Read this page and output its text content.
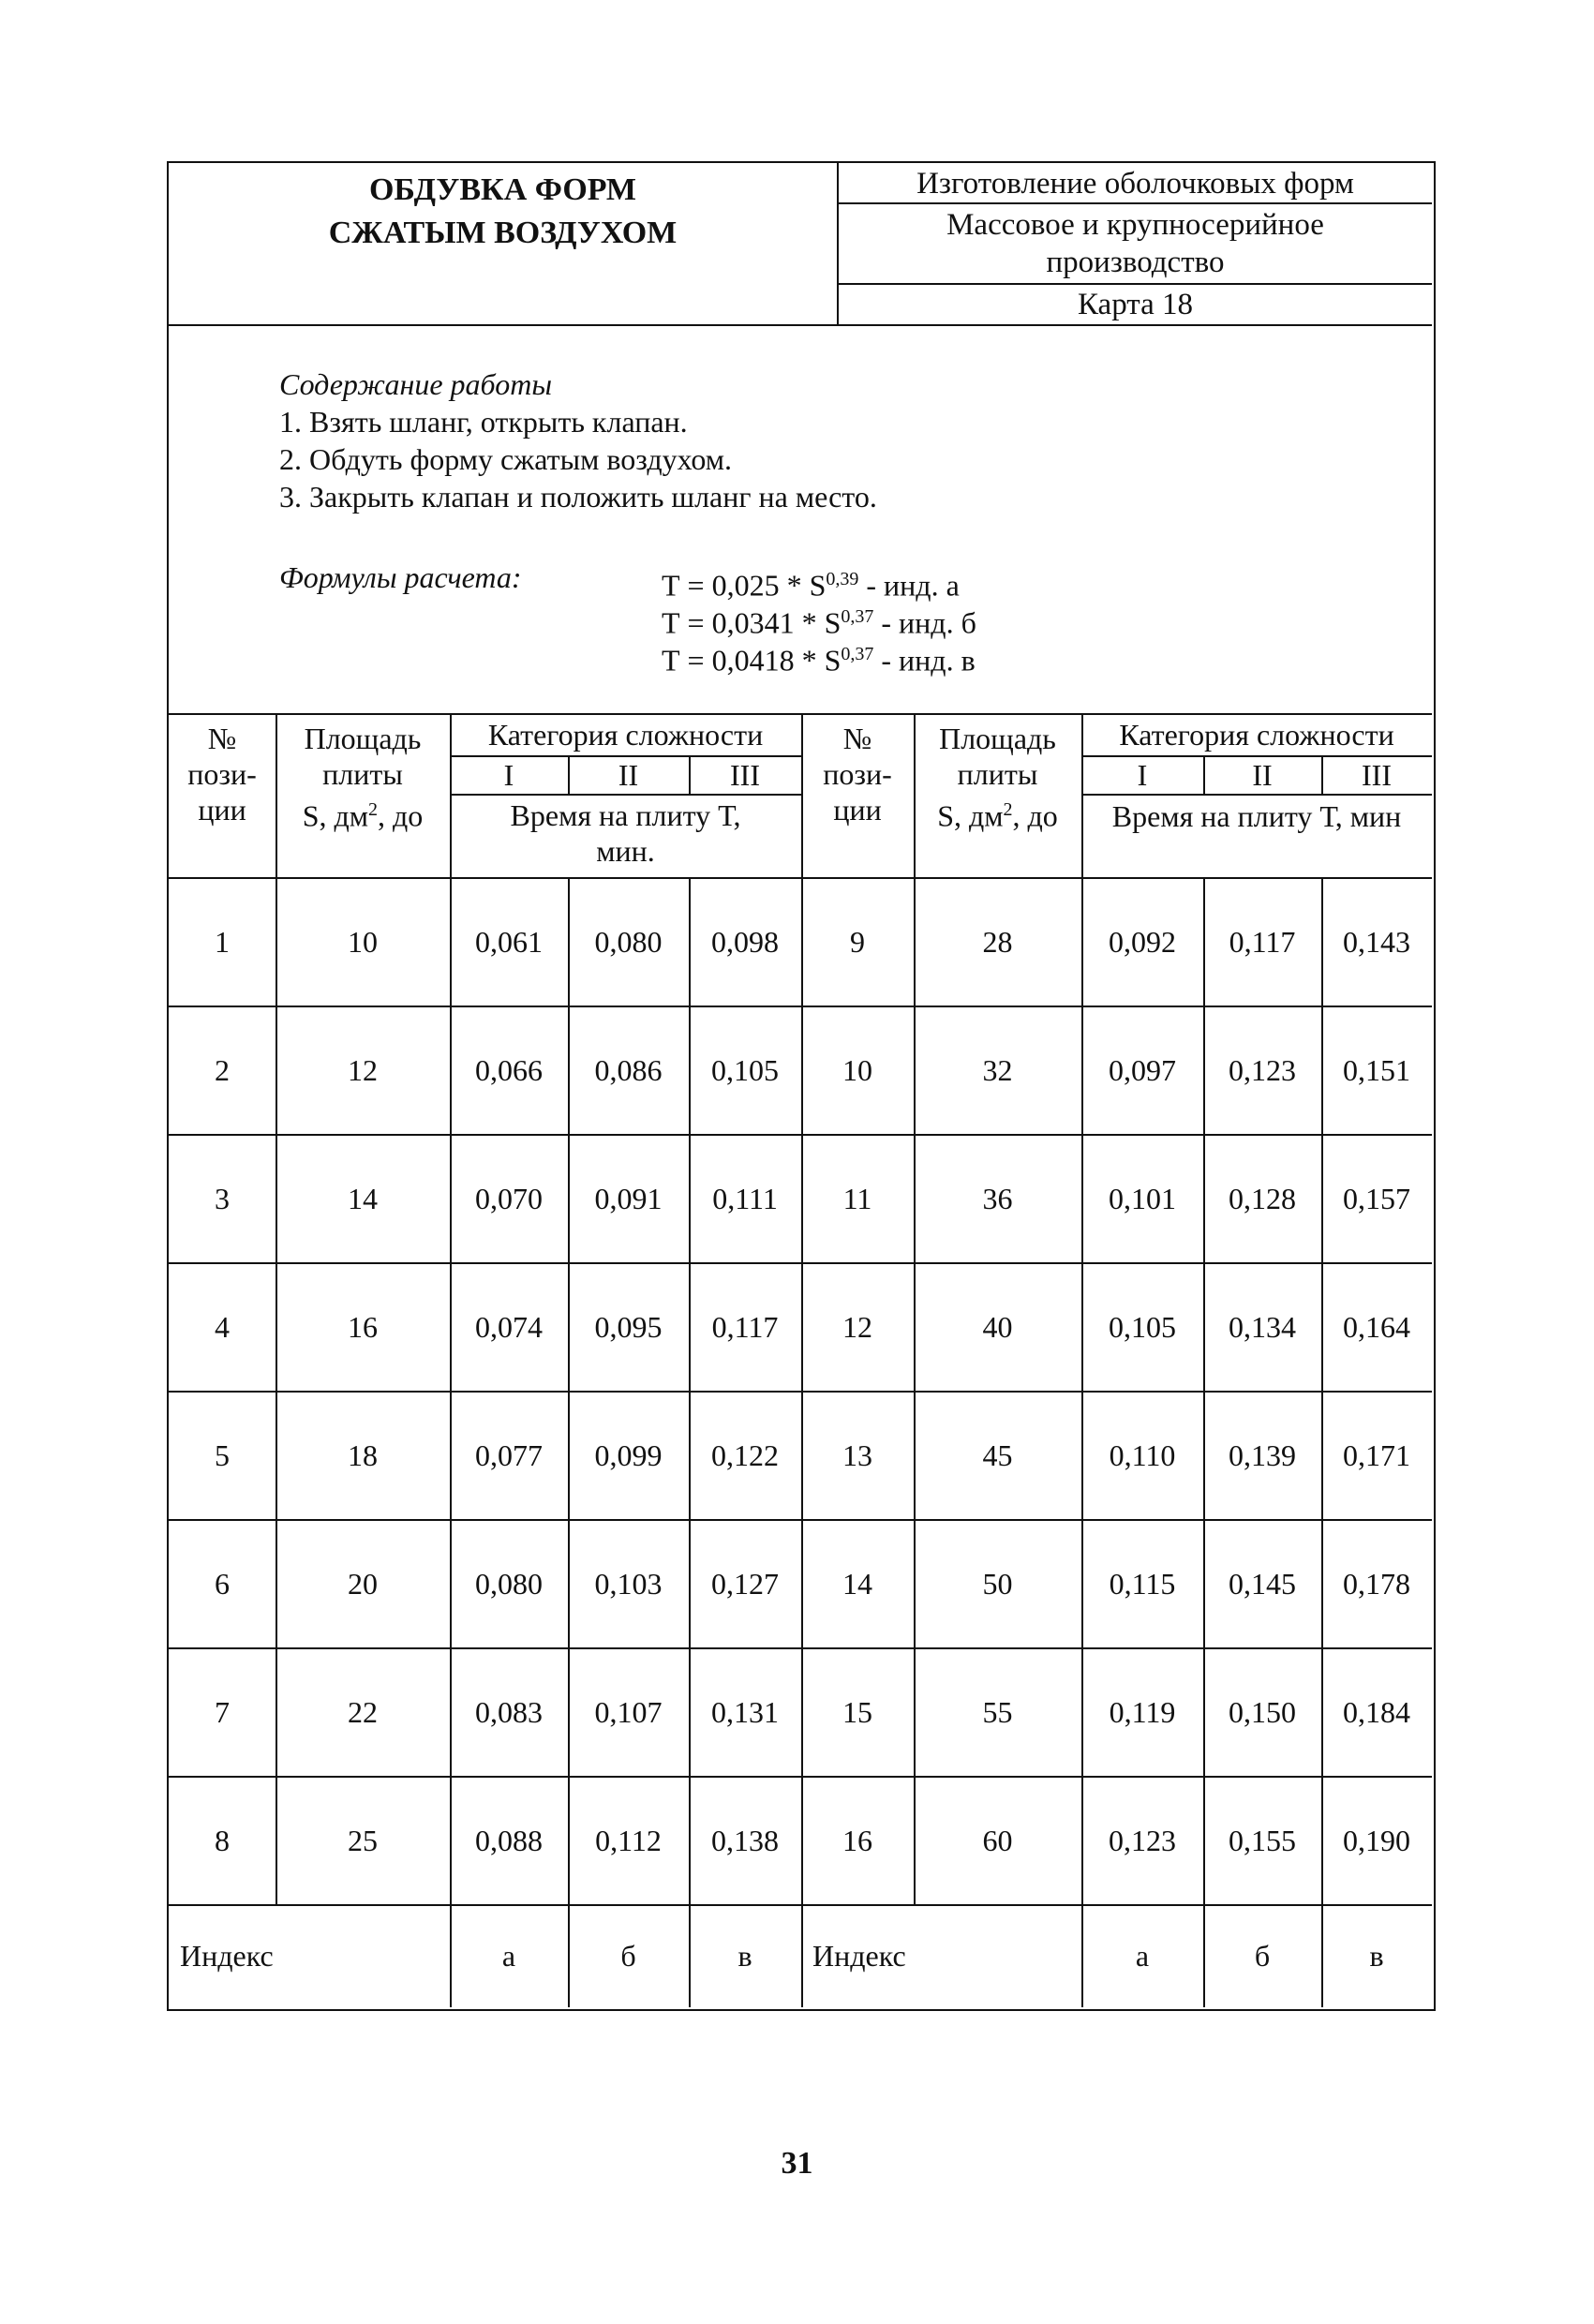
ОБДУВКА ФОРМ
СЖАТЫМ ВОЗДУХОМ
Изготовление оболочковых форм
Массовое и крупносерийное
производство
Карта 18
Содержание работы
1. Взять шланг, открыть клапан.
2. Обдуть форму сжатым воздухом.
3. Закрыть клапан и положить шланг на место.
Формулы расчета:	Т = 0,025 * S$^{0,39}$ - инд. а
Т = 0,0341 * S$^{0,37}$ - инд. б
Т = 0,0418 * S$^{0,37}$ - инд. в
№
пози-
ции
Площадь
плиты
S, $дм^2$, до
Категория сложности
I	II	III
Время на плиту Т, мин.
№
пози-
ции
Площадь
плиты
S, $дм^2$, до
Категория сложности
I	II	III
Время на плиту Т, мин
1	10	0,061	0,080	0,098	9	28	0,092	0,117	0,143
2	12	0,066	0,086	0,105	10	32	0,097	0,123	0,151
3	14	0,070	0,091	0,111	11	36	0,101	0,128	0,157
4	16	0,074	0,095	0,117	12	40	0,105	0,134	0,164
5	18	0,077	0,099	0,122	13	45	0,110	0,139	0,171
6	20	0,080	0,103	0,127	14	50	0,115	0,145	0,178
7	22	0,083	0,107	0,131	15	55	0,119	0,150	0,184
8	25	0,088	0,112	0,138	16	60	0,123	0,155	0,190
Индекс	а	б	в	Индекс	а	б	в
31
